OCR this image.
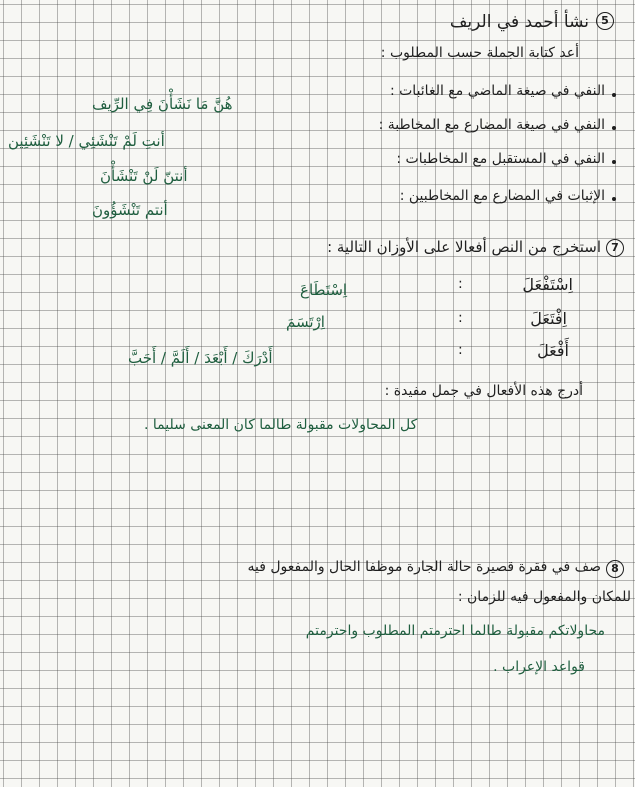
5
نشأ أحمد في الريف
أعد كتابة الجملة حسب المطلوب :
النفي في صيغة الماضي مع الغائبات :
هُنَّ مَا نَشَأْنَ فِي الرِّيف
النفي في صيغة المضارع مع المخاطبة :
أنتِ لَمْ تَنْشَئِي / لا تَنْشَئِين
النفي في المستقبل مع المخاطبات :
أنتنّ لَنْ تَنْشَأْنَ
الإثبات في المضارع مع المخاطبين :
أنتم تَنْشَؤُونَ
7
استخرج من النص أفعالا على الأوزان التالية :
اِسْتَفْعَلَ
:
اِسْتَطَاعَ
اِفْتَعَلَ
:
اِرْتَسَمَ
أَفْعَلَ
:
أَدْرَكَ / أَبْعَدَ / أَلَمَّ / أَحَبَّ
أدرج هذه الأفعال في جمل مفيدة :
كل المحاولات مقبولة طالما كان المعنى سليما .
8
صف في فقرة قصيرة حالة الجارة موظفا الحال والمفعول فيه
للمكان والمفعول فيه للزمان :
محاولاتكم مقبولة طالما احترمتم المطلوب واحترمتم
قواعد الإعراب .
